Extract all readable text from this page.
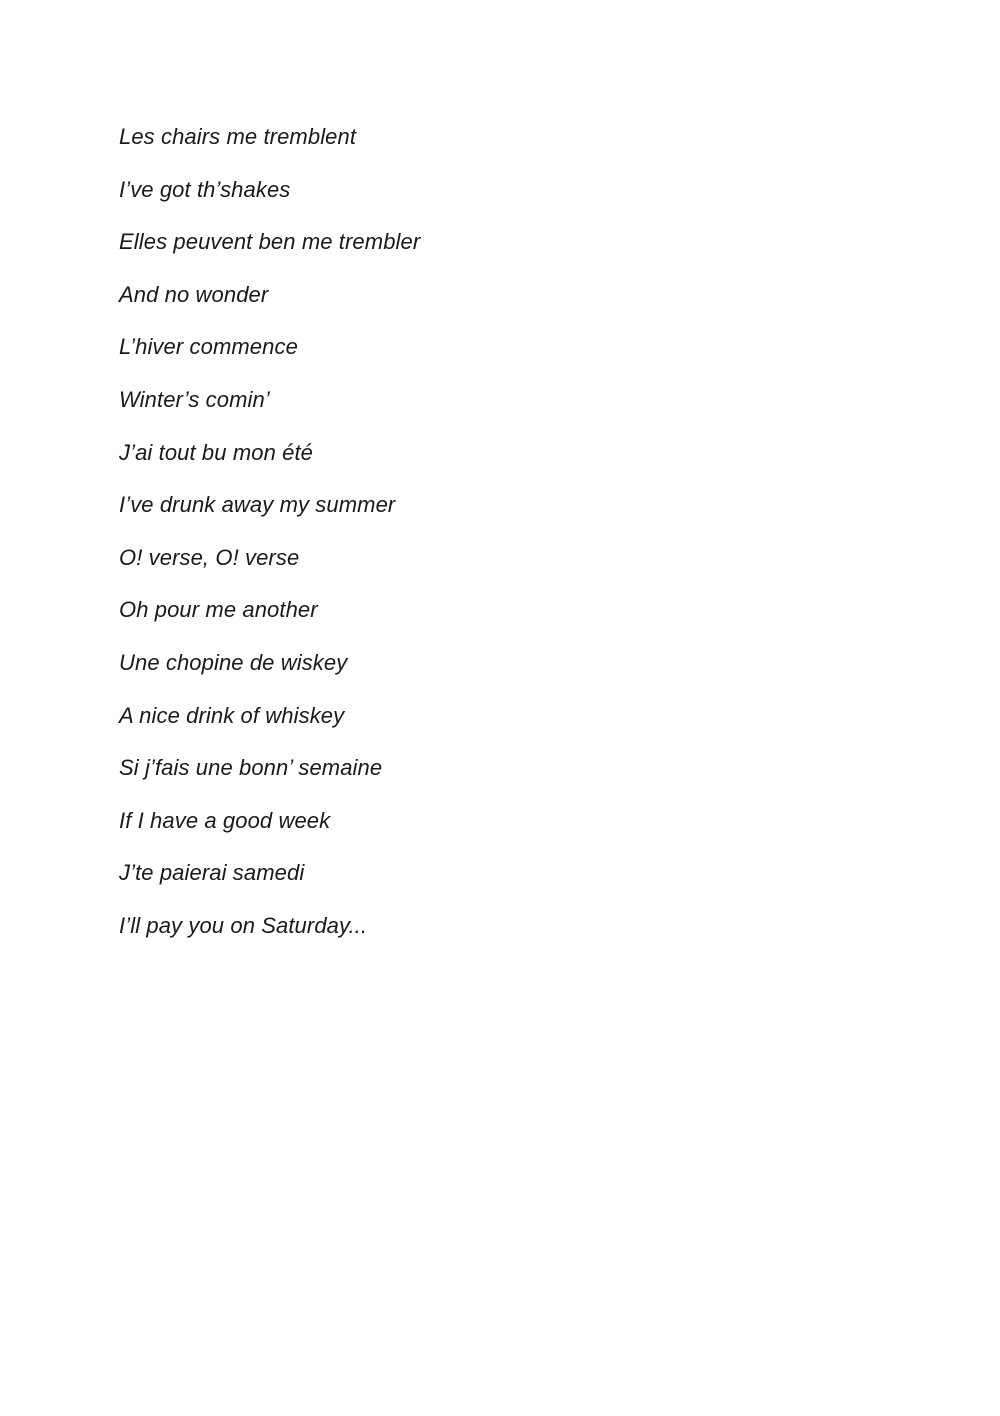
Les chairs me tremblent
I’ve got th’shakes
Elles peuvent ben me trembler
And no wonder
L’hiver commence
Winter’s comin’
J’ai tout bu mon été
I’ve drunk away my summer
O! verse, O! verse
Oh pour me another
Une chopine de wiskey
A nice drink of whiskey
Si j’fais une bonn’ semaine
If I have a good week
J’te paierai samedi
I’ll pay you on Saturday...
